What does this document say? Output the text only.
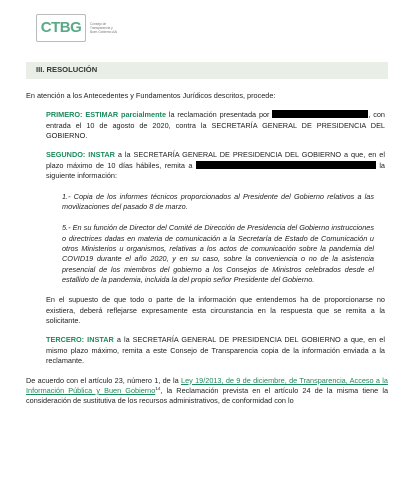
CTBG	Consejo de
Transparencia y
Buen Gobierno AAI
III. RESOLUCIÓN

En atención a los Antecedentes y Fundamentos Jurídicos descritos, procede:

PRIMERO: ESTIMAR parcialmente la reclamación presentada por	, con entrada el 10 de agosto de 2020, contra la SECRETARÍA GENERAL DE PRESIDENCIA DEL GOBIERNO.

SEGUNDO: INSTAR a la SECRETARÍA GENERAL DE PRESIDENCIA DEL GOBIERNO a que, en el plazo máximo de 10 días hábiles, remita a	la siguiente información:

1.- Copia de los informes técnicos proporcionados al Presidente del Gobierno relativos a las movilizaciones del pasado 8 de marzo.

5.- En su función de Director del Comité de Dirección de Presidencia del Gobierno instrucciones o directrices dadas en materia de comunicación a la Secretaría de Estado de Comunicación u otros Ministerios u organismos, relativas a los actos de comunicación sobre la pandemia del COVID19 durante el año 2020, y en su caso, sobre la conveniencia o no de la asistencia presencial de los miembros del gobierno a los Consejos de Ministros celebrados desde el estallido de la pandemia, incluida la del propio señor Presidente del Gobierno.

En el supuesto de que todo o parte de la información que entendemos ha de proporcionarse no existiera, deberá reflejarse expresamente esta circunstancia en la respuesta que se remita a la solicitante.

TERCERO: INSTAR a la SECRETARÍA GENERAL DE PRESIDENCIA DEL GOBIERNO a que, en el mismo plazo máximo, remita a este Consejo de Transparencia copia de la información enviada a la reclamante.

De acuerdo con el artículo 23, número 1, de la Ley 19/2013, de 9 de diciembre, de Transparencia, Acceso a la Información Pública y Buen Gobierno$^{14}$, la Reclamación prevista en el artículo 24 de la misma tiene la consideración de sustitutiva de los recursos administrativos, de conformidad con lo
